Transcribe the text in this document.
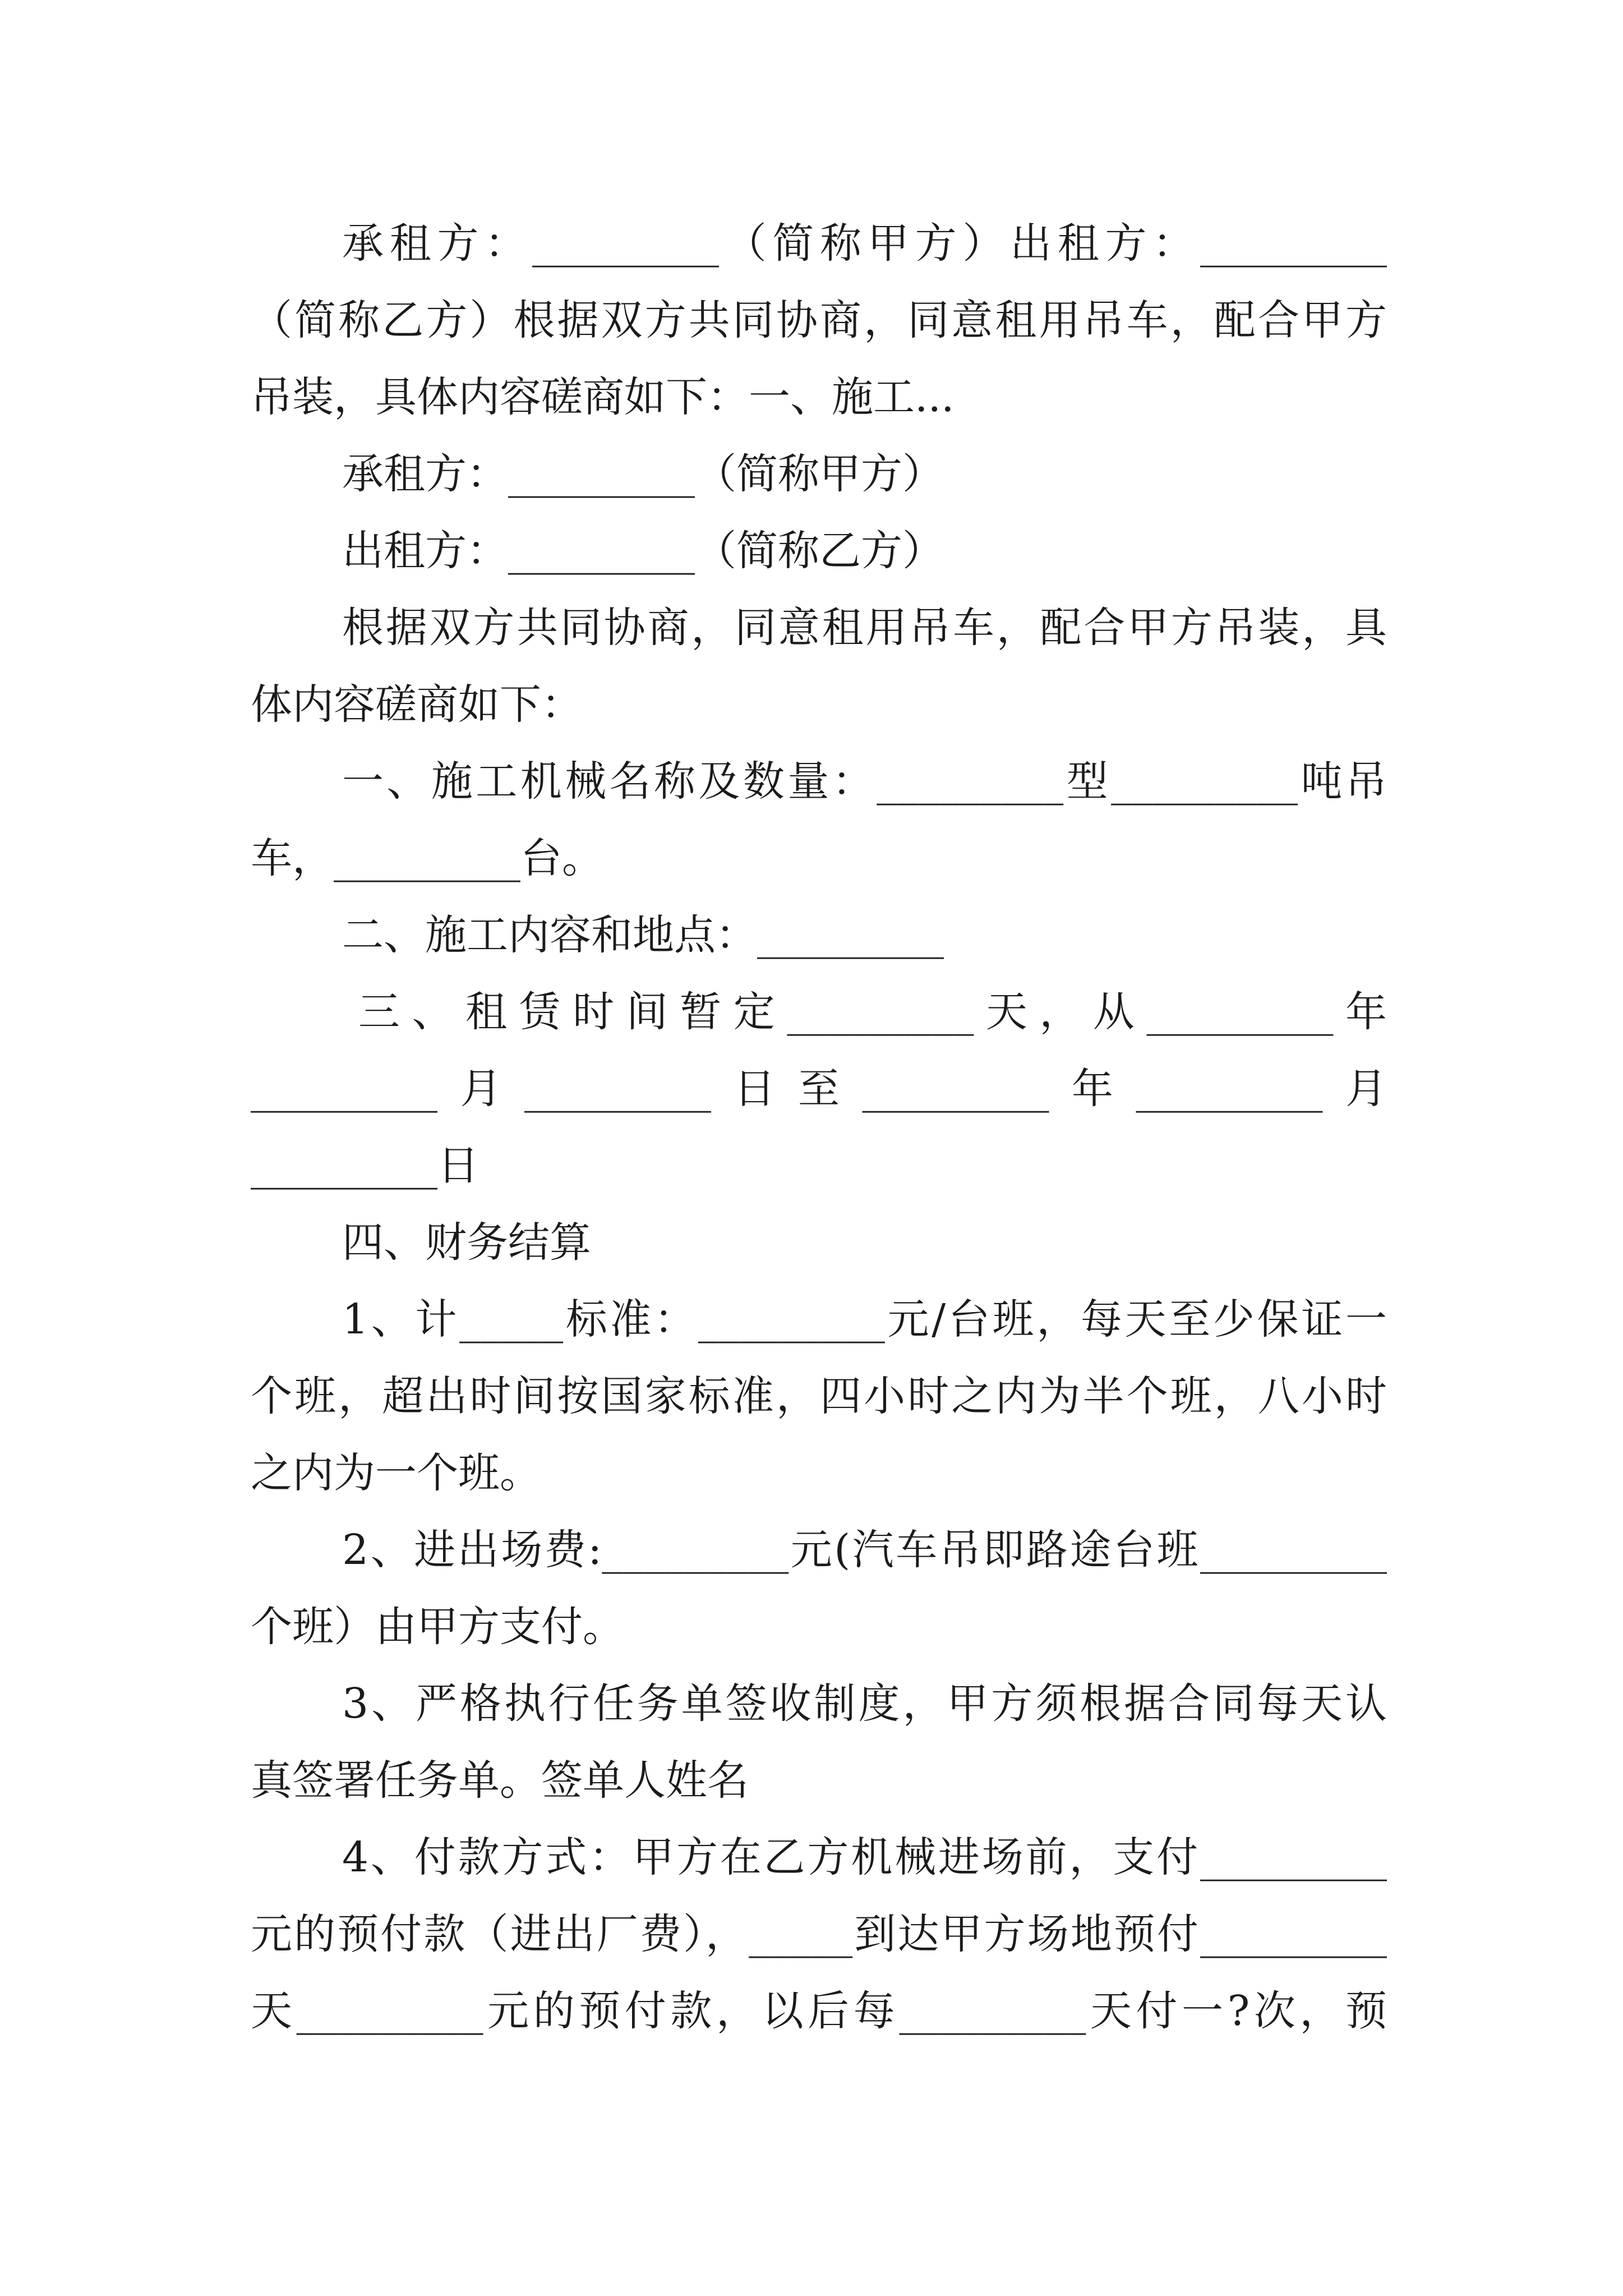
承租方：_________（简称甲方）出租方：_________
（简称乙方）根据双方共同协商，同意租用吊车，配合甲方
吊装，具体内容磋商如下：一、施工...
承租方：_________（简称甲方）
出租方：_________（简称乙方）
根据双方共同协商，同意租用吊车，配合甲方吊装，具
体内容磋商如下：
一、施工机械名称及数量：_________型_________吨吊
车，_________台。
二、施工内容和地点：_________
三、租赁时间暂定_________天，从_________年
_________月_________日至_________年_________月
_________日
四、财务结算
1、计_____标准：_________元/台班，每天至少保证一
个班，超出时间按国家标准，四小时之内为半个班，八小时
之内为一个班。
2、进出场费:_________元(汽车吊即路途台班_________
个班）由甲方支付。
3、严格执行任务单签收制度，甲方须根据合同每天认
真签署任务单。签单人姓名
4、付款方式：甲方在乙方机械进场前，支付_________
元的预付款（进出厂费），_____到达甲方场地预付_________
天_________元的预付款，以后每_________天付一?次，预
